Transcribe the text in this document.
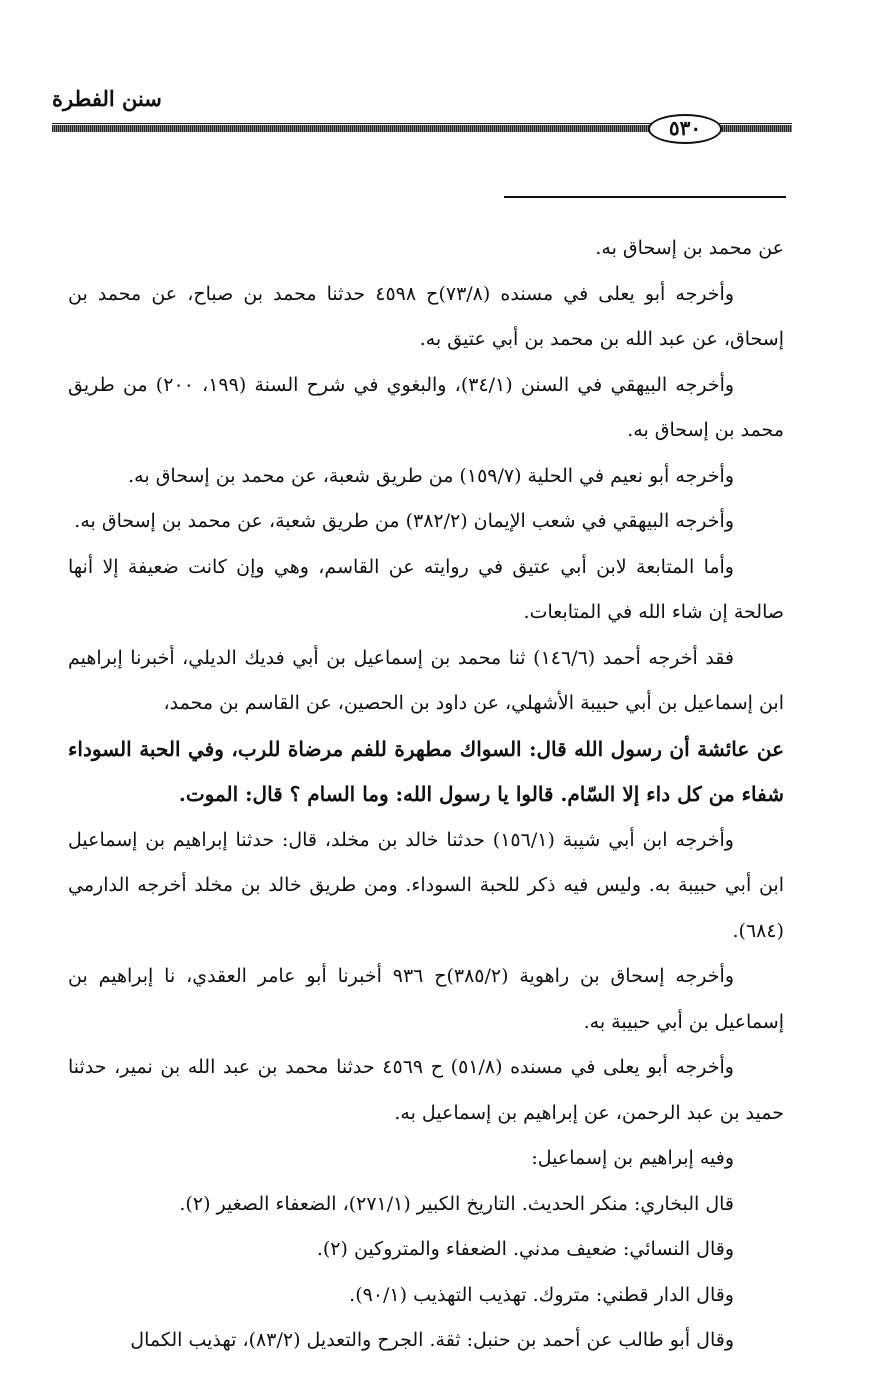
سنن الفطرة
٥٣٠

عن محمد بن إسحاق به.

وأخرجه أبو يعلى في مسنده (٧٣/٨)ح ٤٥٩٨ حدثنا محمد بن صباح، عن محمد بن إسحاق، عن عبد الله بن محمد بن أبي عتيق به.

وأخرجه البيهقي في السنن (٣٤/١)، والبغوي في شرح السنة (١٩٩، ٢٠٠) من طريق محمد بن إسحاق به.

وأخرجه أبو نعيم في الحلية (١٥٩/٧) من طريق شعبة، عن محمد بن إسحاق به.

وأخرجه البيهقي في شعب الإيمان (٣٨٢/٢) من طريق شعبة، عن محمد بن إسحاق به.

وأما المتابعة لابن أبي عتيق في روايته عن القاسم، وهي وإن كانت ضعيفة إلا أنها صالحة إن شاء الله في المتابعات.

فقد أخرجه أحمد (١٤٦/٦) ثنا محمد بن إسماعيل بن أبي فديك الديلي، أخبرنا إبراهيم ابن إسماعيل بن أبي حبيبة الأشهلي، عن داود بن الحصين، عن القاسم بن محمد،

عن عائشة أن رسول الله قال: السواك مطهرة للفم مرضاة للرب، وفي الحبة السوداء شفاء من كل داء إلا السّام. قالوا يا رسول الله: وما السام ؟ قال: الموت.

وأخرجه ابن أبي شيبة (١٥٦/١) حدثنا خالد بن مخلد، قال: حدثنا إبراهيم بن إسماعيل ابن أبي حبيبة به. وليس فيه ذكر للحبة السوداء. ومن طريق خالد بن مخلد أخرجه الدارمي (٦٨٤).

وأخرجه إسحاق بن راهوية (٣٨٥/٢)ح ٩٣٦ أخبرنا أبو عامر العقدي، نا إبراهيم بن إسماعيل بن أبي حبيبة به.

وأخرجه أبو يعلى في مسنده (٥١/٨) ح ٤٥٦٩ حدثنا محمد بن عبد الله بن نمير، حدثنا حميد بن عبد الرحمن، عن إبراهيم بن إسماعيل به.

وفيه إبراهيم بن إسماعيل:

قال البخاري: منكر الحديث. التاريخ الكبير (٢٧١/١)، الضعفاء الصغير (٢).

وقال النسائي: ضعيف مدني. الضعفاء والمتروكين (٢).

وقال الدار قطني: متروك. تهذيب التهذيب (٩٠/١).

وقال أبو طالب عن أحمد بن حنبل: ثقة. الجرح والتعديل (٨٣/٢)، تهذيب الكمال
